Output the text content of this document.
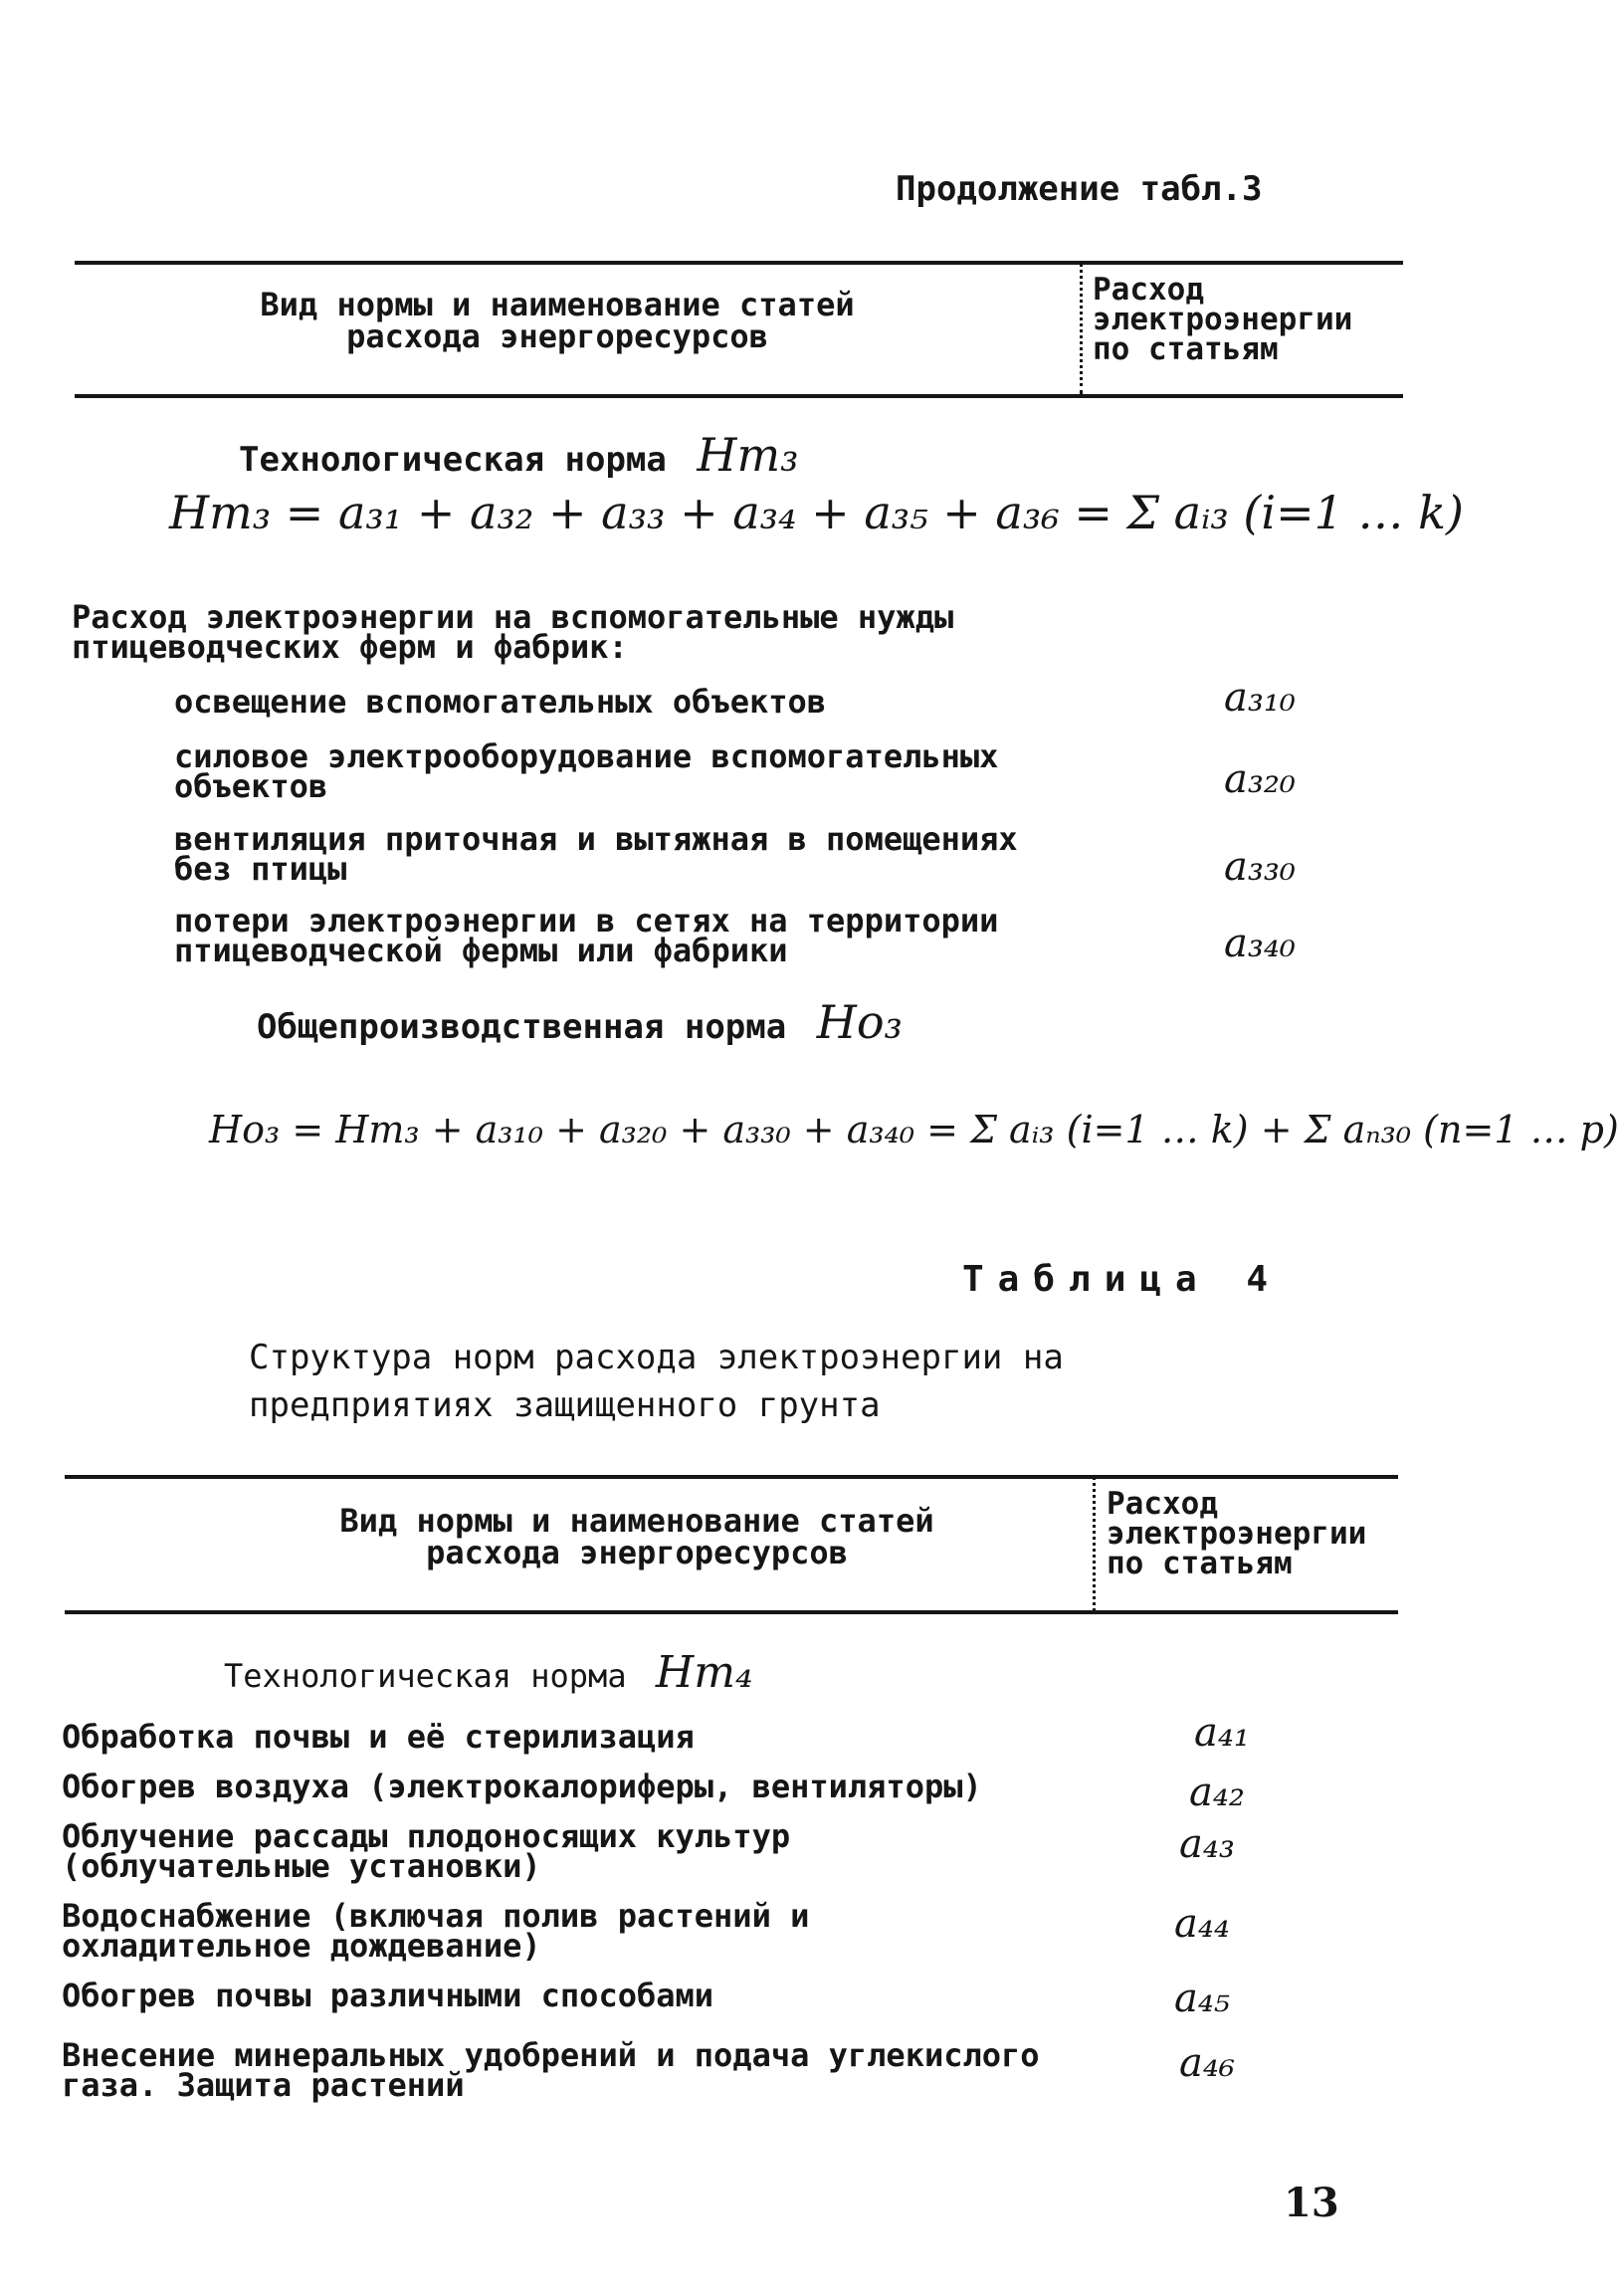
Продолжение табл.3
Вид нормы и наименование статей расхода энергоресурсов
Расход электроэнергии по статьям
Технологическая норма Hт₃
Hт₃ = a₃₁ + a₃₂ + a₃₃ + a₃₄ + a₃₅ + a₃₆ = Σ aᵢ₃ (i=1 … k)
Расход электроэнергии на вспомогательные нужды птицеводческих ферм и фабрик:
освещение вспомогательных объектов	a₃₁₀
силовое электрооборудование вспомогательных объектов	a₃₂₀
вентиляция приточная и вытяжная в помещениях без птицы	a₃₃₀
потери электроэнергии в сетях на территории птицеводческой фермы или фабрики	a₃₄₀
Общепроизводственная норма Hо₃
Hо₃ = Hт₃ + a₃₁₀ + a₃₂₀ + a₃₃₀ + a₃₄₀ = Σ aᵢ₃ (i=1 … k) + Σ aₙ₃₀ (n=1 … p)
Таблица 4
Структура норм расхода электроэнергии на предприятиях защищенного грунта
Вид нормы и наименование статей расхода энергоресурсов
Расход электроэнергии по статьям
Технологическая норма Hт₄
Обработка почвы и её стерилизация	a₄₁
Обогрев воздуха (электрокалориферы, вентиляторы)	a₄₂
Облучение рассады плодоносящих культур (облучательные установки)	a₄₃
Водоснабжение (включая полив растений и охладительное дождевание)	a₄₄
Обогрев почвы различными способами	a₄₅
Внесение минеральных удобрений и подача углекислого газа. Защита растений	a₄₆
13
